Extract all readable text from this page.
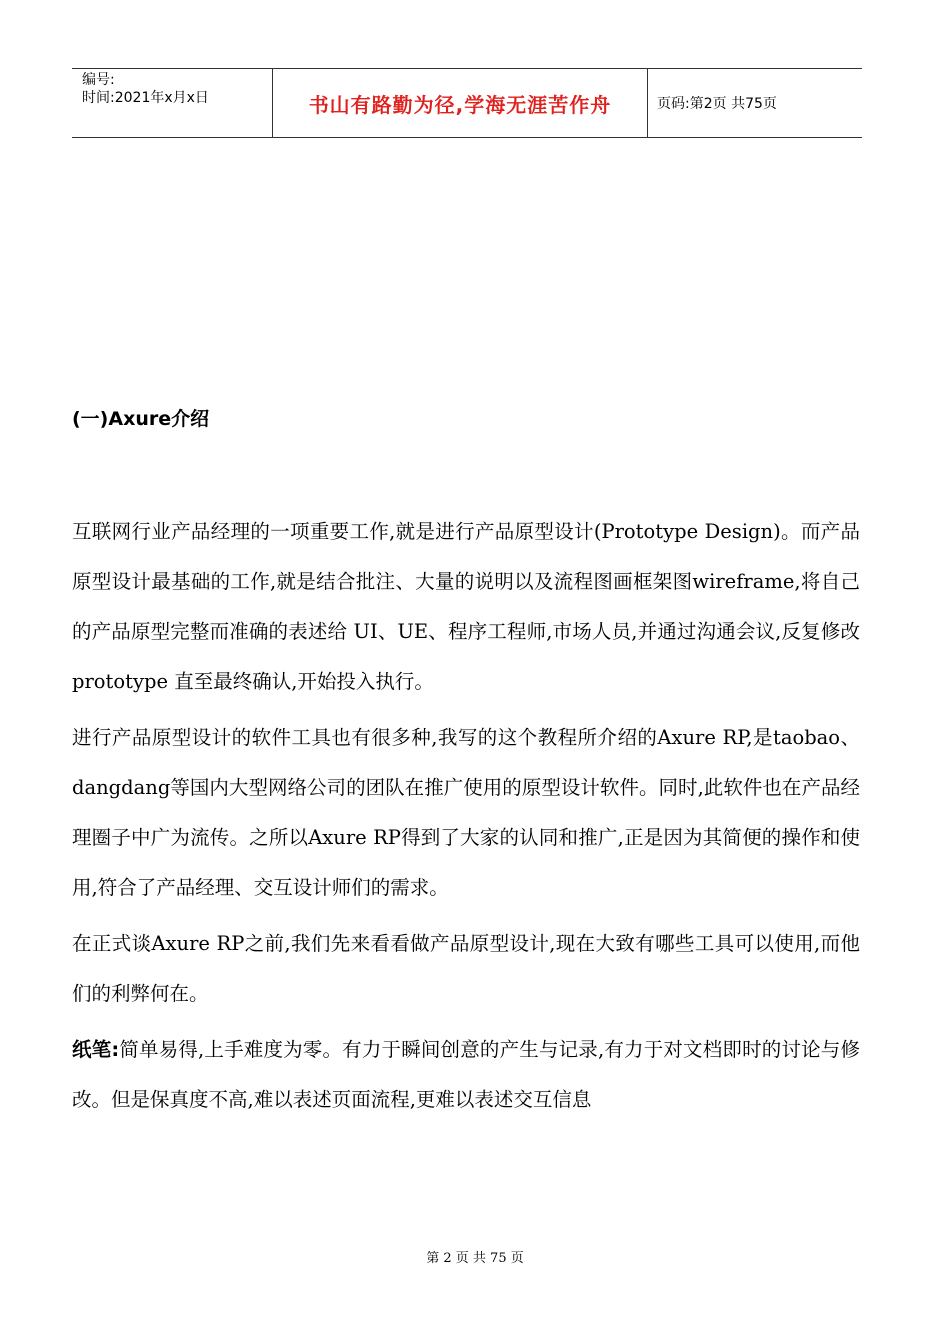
编号:
时间:2021年x月x日	书山有路勤为径,学海无涯苦作舟	页码:第2页 共75页
(一)Axure介绍

互联网行业产品经理的一项重要工作,就是进行产品原型设计(Prototype Design)。而产品原型设计最基础的工作,就是结合批注、大量的说明以及流程图画框架图wireframe,将自己的产品原型完整而准确的表述给 UI、UE、程序工程师,市场人员,并通过沟通会议,反复修改prototype 直至最终确认,开始投入执行。

进行产品原型设计的软件工具也有很多种,我写的这个教程所介绍的Axure RP,是taobao、dangdang等国内大型网络公司的团队在推广使用的原型设计软件。同时,此软件也在产品经理圈子中广为流传。之所以Axure RP得到了大家的认同和推广,正是因为其简便的操作和使用,符合了产品经理、交互设计师们的需求。

在正式谈Axure RP之前,我们先来看看做产品原型设计,现在大致有哪些工具可以使用,而他们的利弊何在。

纸笔:简单易得,上手难度为零。有力于瞬间创意的产生与记录,有力于对文档即时的讨论与修改。但是保真度不高,难以表述页面流程,更难以表述交互信息

第 2 页 共 75 页
